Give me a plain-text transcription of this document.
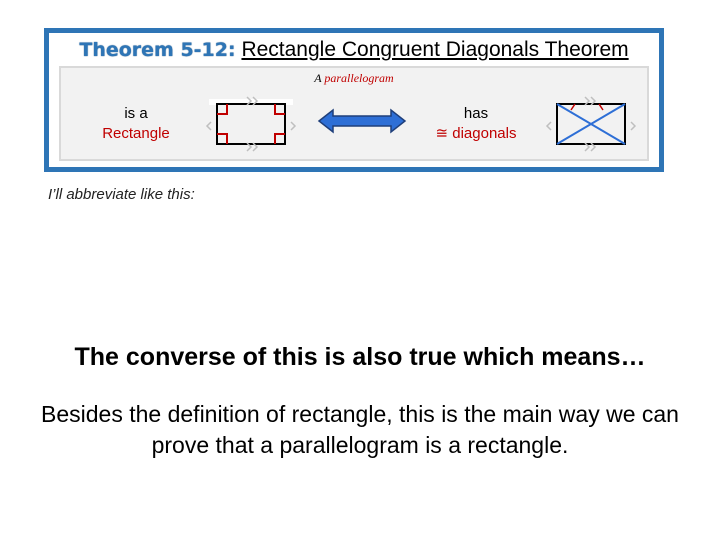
Theorem 5-12: Rectangle Congruent Diagonals Theorem
A parallelogram
is a
Rectangle
has
≅ diagonals
I’ll abbreviate like this:
The converse of this is also true which means…
Besides the definition of rectangle, this is the main way we can prove that a parallelogram is a rectangle.
